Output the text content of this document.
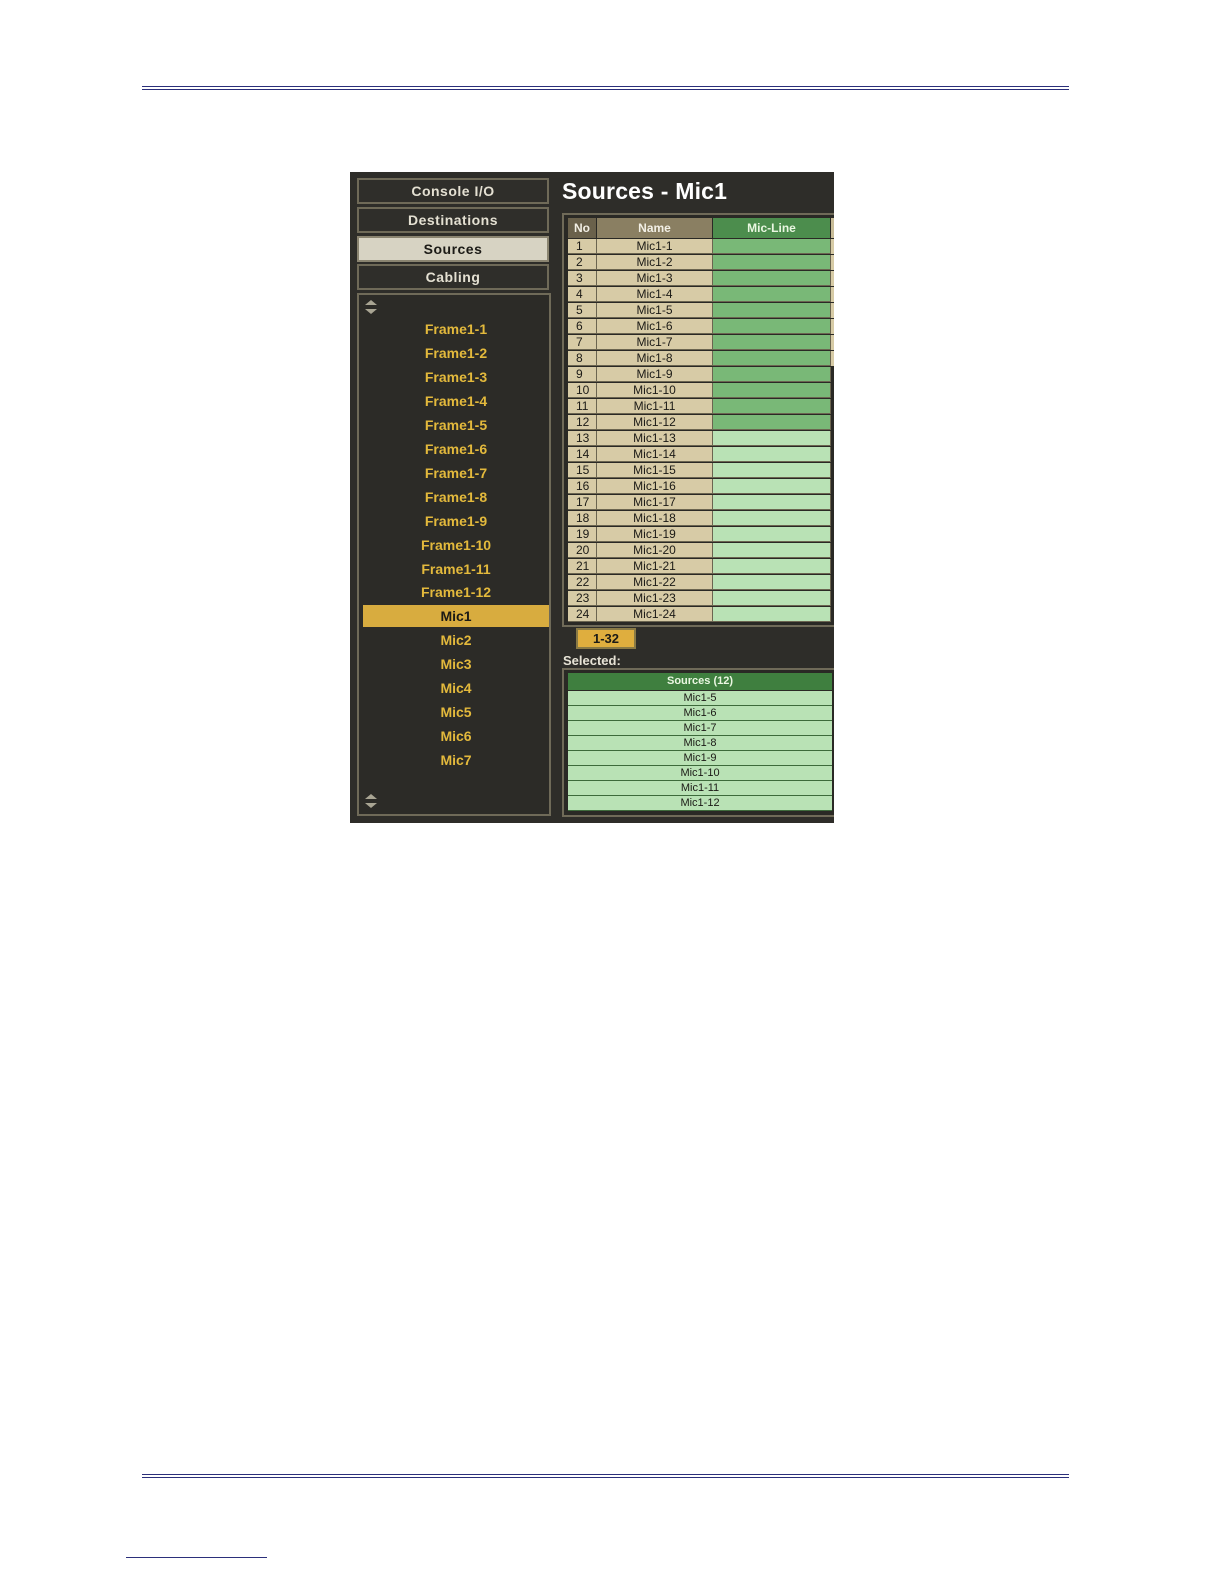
Console I/O
Destinations
Sources
Cabling
Frame1-1
Frame1-2
Frame1-3
Frame1-4
Frame1-5
Frame1-6
Frame1-7
Frame1-8
Frame1-9
Frame1-10
Frame1-11
Frame1-12
Mic1
Mic2
Mic3
Mic4
Mic5
Mic6
Mic7
Sources - Mic1
No	Name	Mic-Line
1	Mic1-1
2	Mic1-2
3	Mic1-3
4	Mic1-4
5	Mic1-5
6	Mic1-6
7	Mic1-7
8	Mic1-8
9	Mic1-9
10	Mic1-10
11	Mic1-11
12	Mic1-12
13	Mic1-13
14	Mic1-14
15	Mic1-15
16	Mic1-16
17	Mic1-17
18	Mic1-18
19	Mic1-19
20	Mic1-20
21	Mic1-21
22	Mic1-22
23	Mic1-23
24	Mic1-24
1-32
Selected:
Sources (12)
Mic1-5
Mic1-6
Mic1-7
Mic1-8
Mic1-9
Mic1-10
Mic1-11
Mic1-12
